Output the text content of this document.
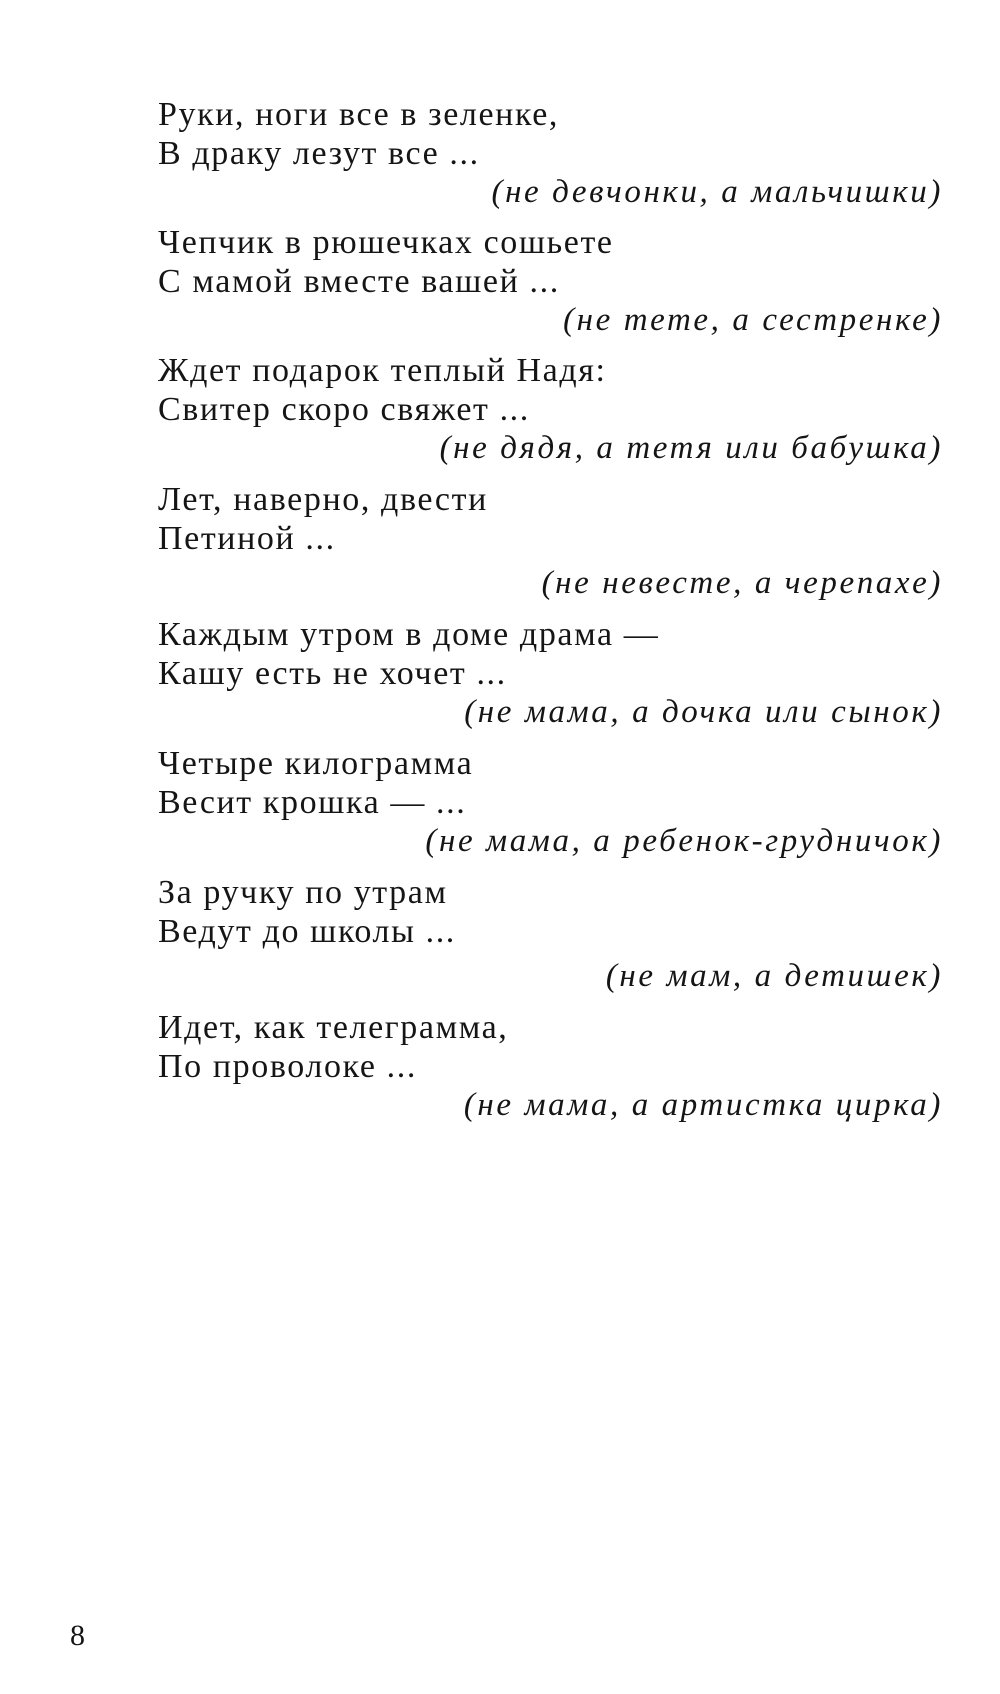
Руки, ноги все в зеленке,
В драку лезут все ...
(не девчонки, а мальчишки)
Чепчик в рюшечках сошьете
С мамой вместе вашей ...
(не тете, а сестренке)
Ждет подарок теплый Надя:
Свитер скоро свяжет ...
(не дядя, а тетя или бабушка)
Лет, наверно, двести
Петиной ...
(не невесте, а черепахе)
Каждым утром в доме драма —
Кашу есть не хочет ...
(не мама, а дочка или сынок)
Четыре килограмма
Весит крошка — ...
(не мама, а ребенок-грудничок)
За ручку по утрам
Ведут до школы ...
(не мам, а детишек)
Идет, как телеграмма,
По проволоке ...
(не мама, а артистка цирка)
8
